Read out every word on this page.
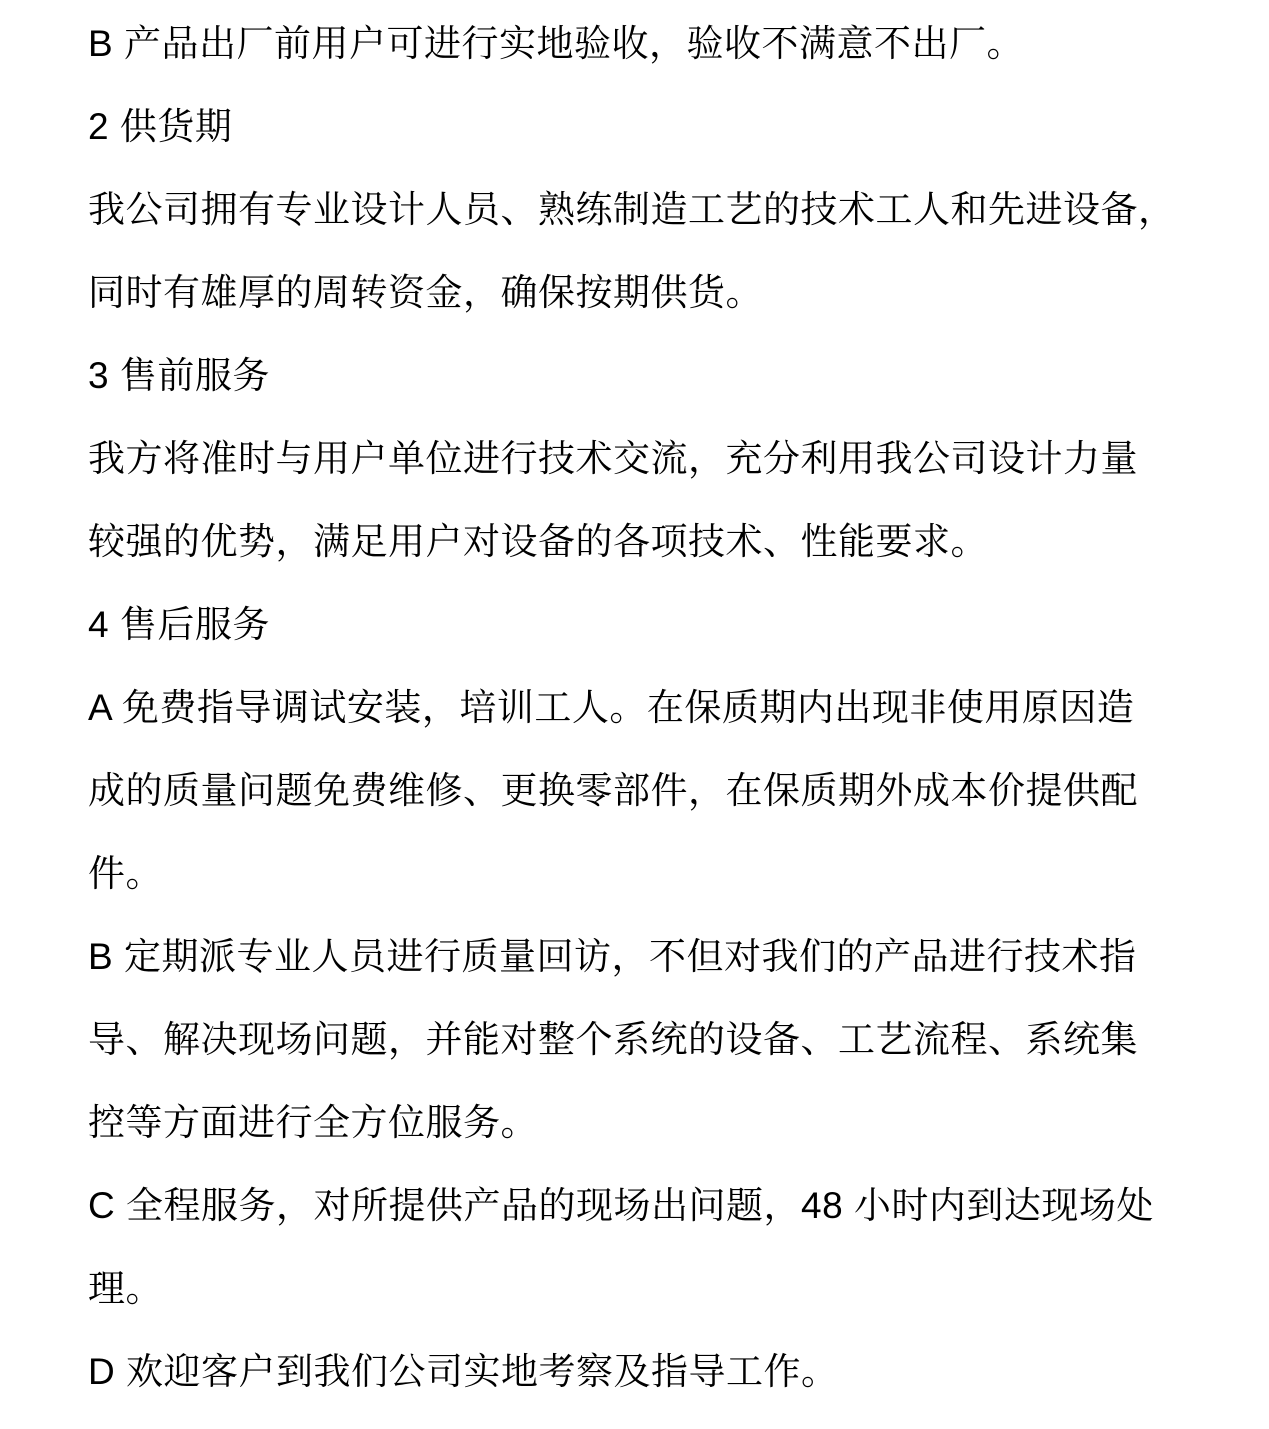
B 产品出厂前用户可进行实地验收，验收不满意不出厂。
2 供货期
我公司拥有专业设计人员、熟练制造工艺的技术工人和先进设备，
同时有雄厚的周转资金，确保按期供货。
3 售前服务
我方将准时与用户单位进行技术交流，充分利用我公司设计力量
较强的优势，满足用户对设备的各项技术、性能要求。
4 售后服务
A 免费指导调试安装，培训工人。在保质期内出现非使用原因造
成的质量问题免费维修、更换零部件，在保质期外成本价提供配
件。
B 定期派专业人员进行质量回访，不但对我们的产品进行技术指
导、解决现场问题，并能对整个系统的设备、工艺流程、系统集
控等方面进行全方位服务。
C 全程服务，对所提供产品的现场出问题，48 小时内到达现场处
理。
D 欢迎客户到我们公司实地考察及指导工作。
